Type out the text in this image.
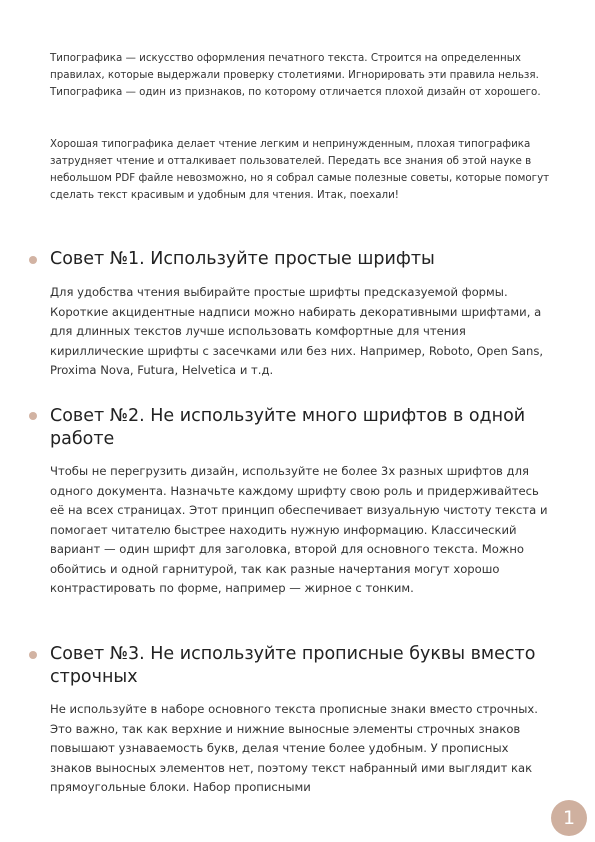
Типографика — искусство оформления печатного текста. Строится на определенных правилах, которые выдержали проверку столетиями. Игнорировать эти правила нельзя. Типографика — один из признаков, по которому отличается плохой дизайн от хорошего.

Хорошая типографика делает чтение легким и непринужденным, плохая типографика затрудняет чтение и отталкивает пользователей. Передать все знания об этой науке в небольшом PDF файле невозможно, но я собрал самые полезные советы, которые помогут сделать текст красивым и удобным для чтения. Итак, поехали!

Совет №1. Используйте простые шрифты

Для удобства чтения выбирайте простые шрифты предсказуемой формы. Короткие акцидентные надписи можно набирать декоративными шрифтами, а для длинных текстов лучше использовать комфортные для чтения кириллические шрифты с засечками или без них. Например, Roboto, Open Sans, Proxima Nova, Futura, Helvetica и т.д.

Совет №2. Не используйте много шрифтов в одной работе

Чтобы не перегрузить дизайн, используйте не более 3х разных шрифтов для одного документа. Назначьте каждому шрифту свою роль и придерживайтесь её на всех страницах. Этот принцип обеспечивает визуальную чистоту текста и помогает читателю быстрее находить нужную информацию. Классический вариант — один шрифт для заголовка, второй для основного текста. Можно обойтись и одной гарнитурой, так как разные начертания могут хорошо контрастировать по форме, например — жирное с тонким.

Совет №3. Не используйте прописные буквы вместо строчных

Не используйте в наборе основного текста прописные знаки вместо строчных. Это важно, так как верхние и нижние выносные элементы строчных знаков повышают узнаваемость букв, делая чтение более удобным. У прописных знаков выносных элементов нет, поэтому текст набранный ими выглядит как прямоугольные блоки. Набор прописными

1
